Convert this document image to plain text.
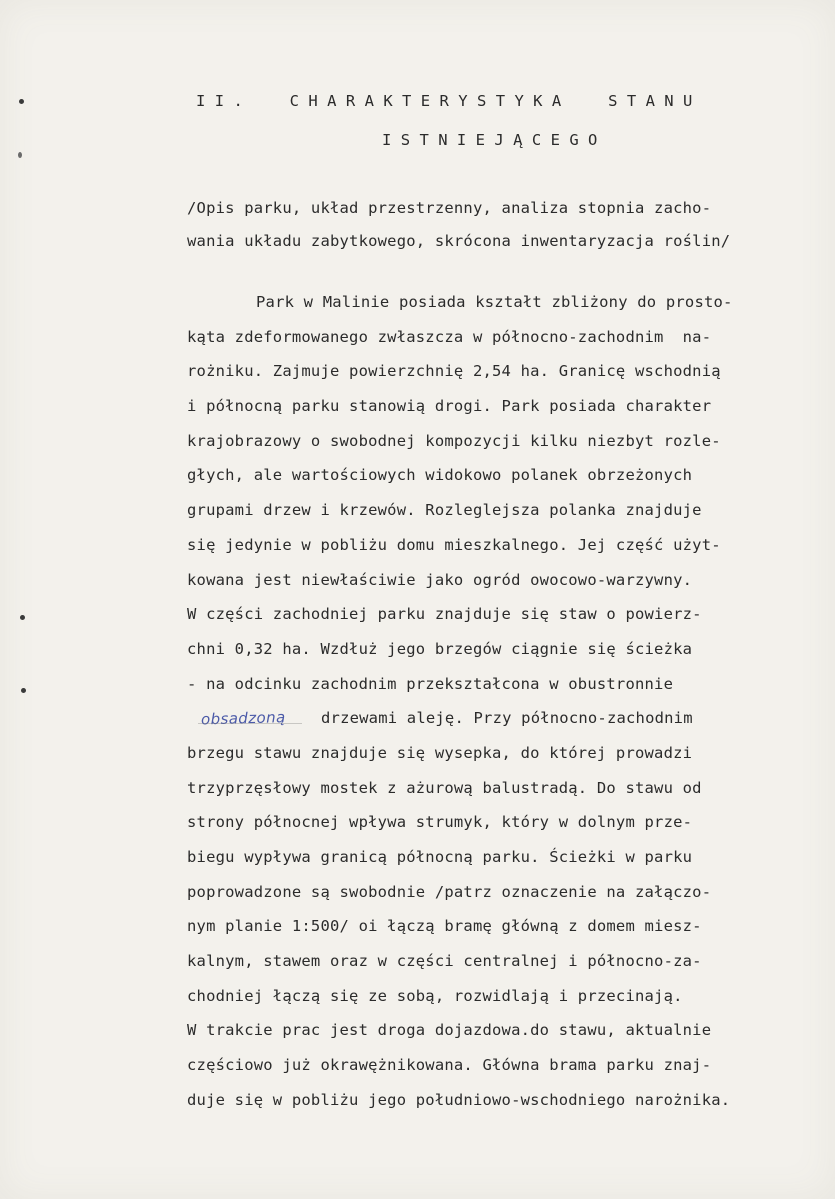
II.  CHARAKTERYSTYKA  STANU
ISTNIEJĄCEGO
/Opis parku, układ przestrzenny, analiza stopnia zacho-
wania układu zabytkowego, skrócona inwentaryzacja roślin/
Park w Malinie posiada kształt zbliżony do prosto-
kąta zdeformowanego zwłaszcza w północno-zachodnim  na-
rożniku. Zajmuje powierzchnię 2,54 ha. Granicę wschodnią
i północną parku stanowią drogi. Park posiada charakter
krajobrazowy o swobodnej kompozycji kilku niezbyt rozle-
głych, ale wartościowych widokowo polanek obrzeżonych
grupami drzew i krzewów. Rozleglejsza polanka znajduje
się jedynie w pobliżu domu mieszkalnego. Jej część użyt-
kowana jest niewłaściwie jako ogród owocowo-warzywny.
W części zachodniej parku znajduje się staw o powierz-
chni 0,32 ha. Wzdłuż jego brzegów ciągnie się ścieżka
- na odcinku zachodnim przekształcona w obustronnie
obsadzoną drzewami aleję. Przy północno-zachodnim
brzegu stawu znajduje się wysepka, do której prowadzi
trzyprzęsłowy mostek z ażurową balustradą. Do stawu od
strony północnej wpływa strumyk, który w dolnym prze-
biegu wypływa granicą północną parku. Ścieżki w parku
poprowadzone są swobodnie /patrz oznaczenie na załączo-
nym planie 1:500/ oi łączą bramę główną z domem miesz-
kalnym, stawem oraz w części centralnej i północno-za-
chodniej łączą się ze sobą, rozwidlają i przecinają.
W trakcie prac jest droga dojazdowa.do stawu, aktualnie
częściowo już okrawężnikowana. Główna brama parku znaj-
duje się w pobliżu jego południowo-wschodniego narożnika.
